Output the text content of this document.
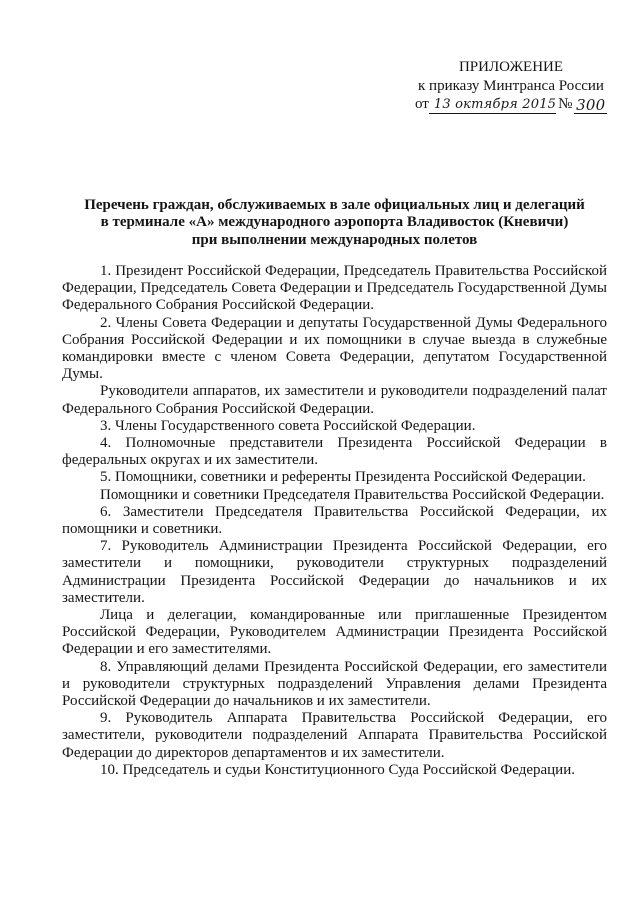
ПРИЛОЖЕНИЕ
к приказу Минтранса России
от 13 октября 2015 № 300
Перечень граждан, обслуживаемых в зале официальных лиц и делегаций
в терминале «А» международного аэропорта Владивосток (Кневичи)
при выполнении международных полетов

1. Президент Российской Федерации, Председатель Правительства Российской Федерации, Председатель Совета Федерации и Председатель Государственной Думы Федерального Собрания Российской Федерации.

2. Члены Совета Федерации и депутаты Государственной Думы Федерального Собрания Российской Федерации и их помощники в случае выезда в служебные командировки вместе с членом Совета Федерации, депутатом Государственной Думы.

Руководители аппаратов, их заместители и руководители подразделений палат Федерального Собрания Российской Федерации.

3. Члены Государственного совета Российской Федерации.

4. Полномочные представители Президента Российской Федерации в федеральных округах и их заместители.

5. Помощники, советники и референты Президента Российской Федерации.

Помощники и советники Председателя Правительства Российской Федерации.

6. Заместители Председателя Правительства Российской Федерации, их помощники и советники.

7. Руководитель Администрации Президента Российской Федерации, его заместители и помощники, руководители структурных подразделений Администрации Президента Российской Федерации до начальников и их заместители.

Лица и делегации, командированные или приглашенные Президентом Российской Федерации, Руководителем Администрации Президента Российской Федерации и его заместителями.

8. Управляющий делами Президента Российской Федерации, его заместители и руководители структурных подразделений Управления делами Президента Российской Федерации до начальников и их заместители.

9. Руководитель Аппарата Правительства Российской Федерации, его заместители, руководители подразделений Аппарата Правительства Российской Федерации до директоров департаментов и их заместители.

10. Председатель и судьи Конституционного Суда Российской Федерации.
